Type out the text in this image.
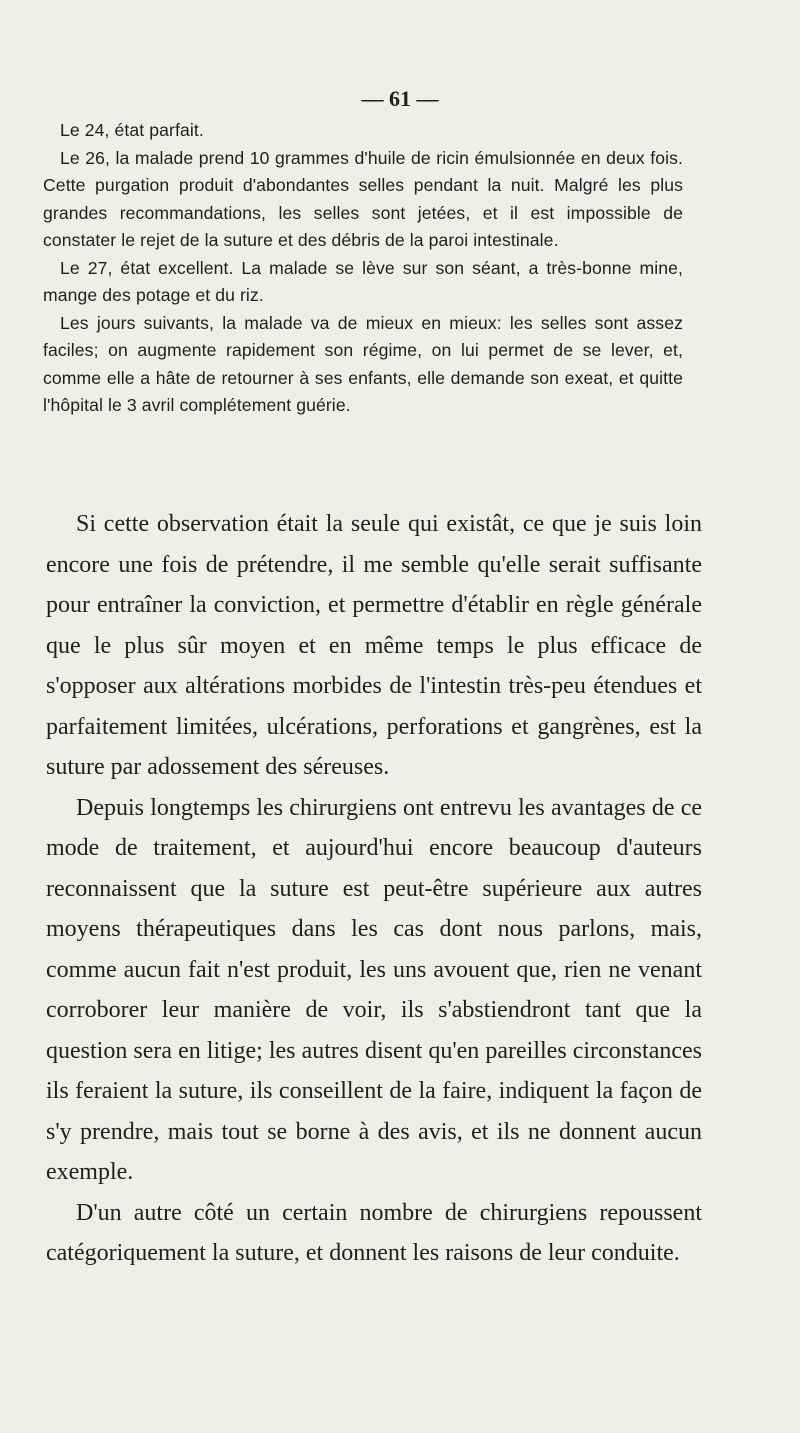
— 61 —

Le 24, état parfait.

Le 26, la malade prend 10 grammes d'huile de ricin émulsionnée en deux fois. Cette purgation produit d'abondantes selles pendant la nuit. Malgré les plus grandes recommandations, les selles sont jetées, et il est impossible de constater le rejet de la suture et des débris de la paroi intestinale.

Le 27, état excellent. La malade se lève sur son séant, a très-bonne mine, mange des potage et du riz.

Les jours suivants, la malade va de mieux en mieux: les selles sont assez faciles; on augmente rapidement son régime, on lui permet de se lever, et, comme elle a hâte de retourner à ses enfants, elle demande son exeat, et quitte l'hôpital le 3 avril complétement guérie.

Si cette observation était la seule qui existât, ce que je suis loin encore une fois de prétendre, il me semble qu'elle serait suffisante pour entraîner la conviction, et permettre d'établir en règle générale que le plus sûr moyen et en même temps le plus efficace de s'opposer aux altérations morbides de l'intestin très-peu étendues et parfaitement limitées, ulcérations, perforations et gangrènes, est la suture par adossement des séreuses.

Depuis longtemps les chirurgiens ont entrevu les avantages de ce mode de traitement, et aujourd'hui encore beaucoup d'auteurs reconnaissent que la suture est peut-être supérieure aux autres moyens thérapeutiques dans les cas dont nous parlons, mais, comme aucun fait n'est produit, les uns avouent que, rien ne venant corroborer leur manière de voir, ils s'abstiendront tant que la question sera en litige; les autres disent qu'en pareilles circonstances ils feraient la suture, ils conseillent de la faire, indiquent la façon de s'y prendre, mais tout se borne à des avis, et ils ne donnent aucun exemple.

D'un autre côté un certain nombre de chirurgiens repoussent catégoriquement la suture, et donnent les raisons de leur conduite.
